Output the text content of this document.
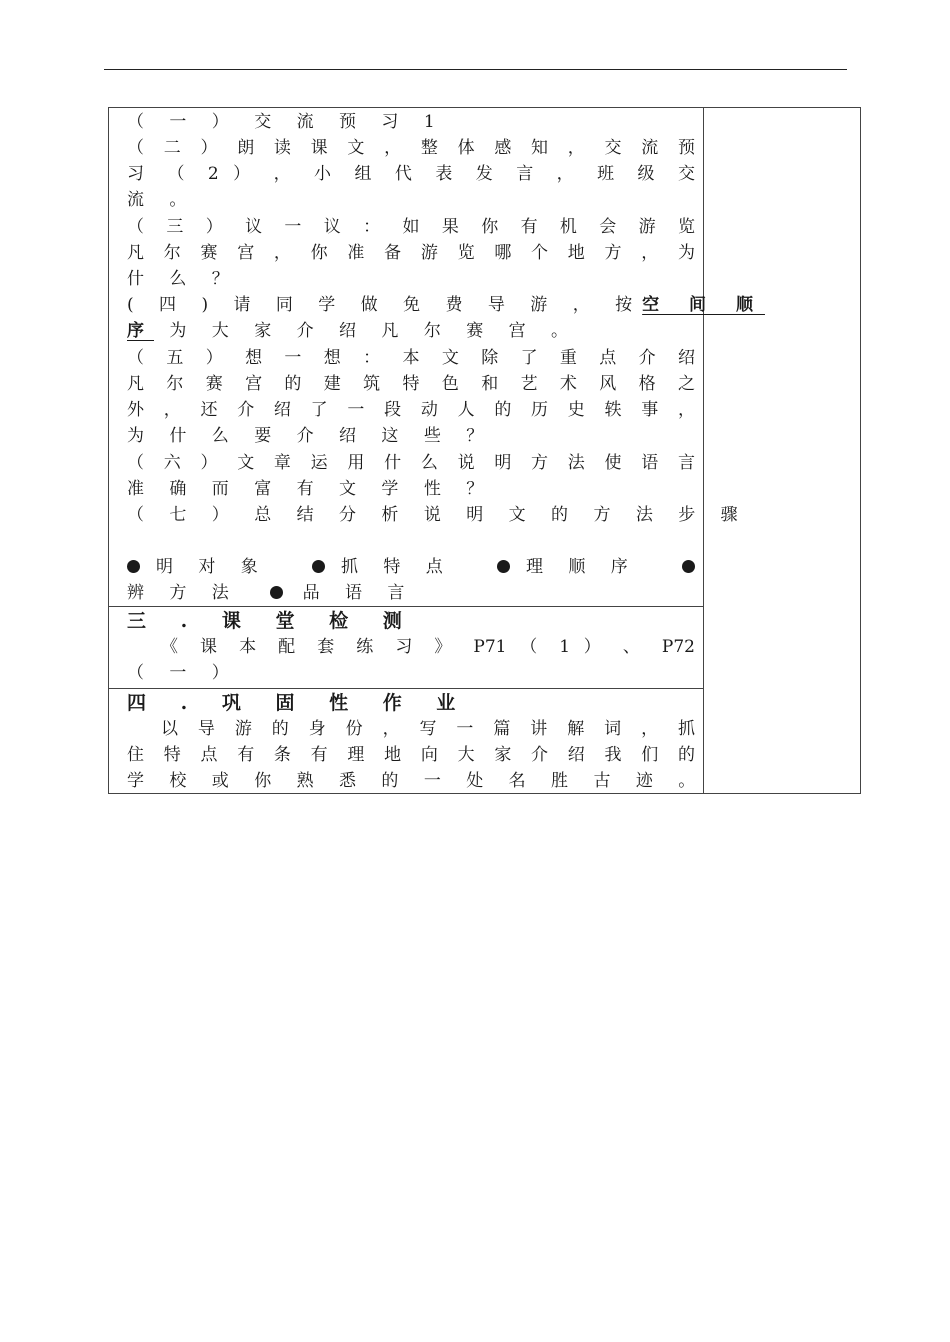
（ 一 ） 交 流 预 习 1
（ 二 ） 朗 读 课 文 ， 整 体 感 知 ， 交 流 预
习 （ 2 ） ， 小 组 代 表 发 言 ， 班 级 交
流 。
（ 三 ） 议 一 议 ： 如 果 你 有 机 会 游 览
凡 尔 赛 宫 ， 你 准 备 游 览 哪 个 地 方 ， 为
什 么 ？
( 四 ) 请 同 学 做 免 费 导 游 ， 按 空 间 顺
序 为 大 家 介 绍 凡 尔 赛 宫 。
（ 五 ） 想 一 想 ： 本 文 除 了 重 点 介 绍
凡 尔 赛 宫 的 建 筑 特 色 和 艺 术 风 格 之
外 ， 还 介 绍 了 一 段 动 人 的 历 史 轶 事 ，
为 什 么 要 介 绍 这 些 ？
（ 六 ） 文 章 运 用 什 么 说 明 方 法 使 语 言
准 确 而 富 有 文 学 性 ？
（ 七 ） 总 结 分 析 说 明 文 的 方 法 步 骤
明 对 象	抓 特 点	理 顺 序
辨 方 法	品 语 言
三 . 课 堂 检 测
《 课 本 配 套 练 习 》 P71 （ 1 ） 、 P72
（ 一 ）
四 . 巩 固 性 作 业
以 导 游 的 身 份 ， 写 一 篇 讲 解 词 ， 抓
住 特 点 有 条 有 理 地 向 大 家 介 绍 我 们 的
学 校 或 你 熟 悉 的 一 处 名 胜 古 迹 。
